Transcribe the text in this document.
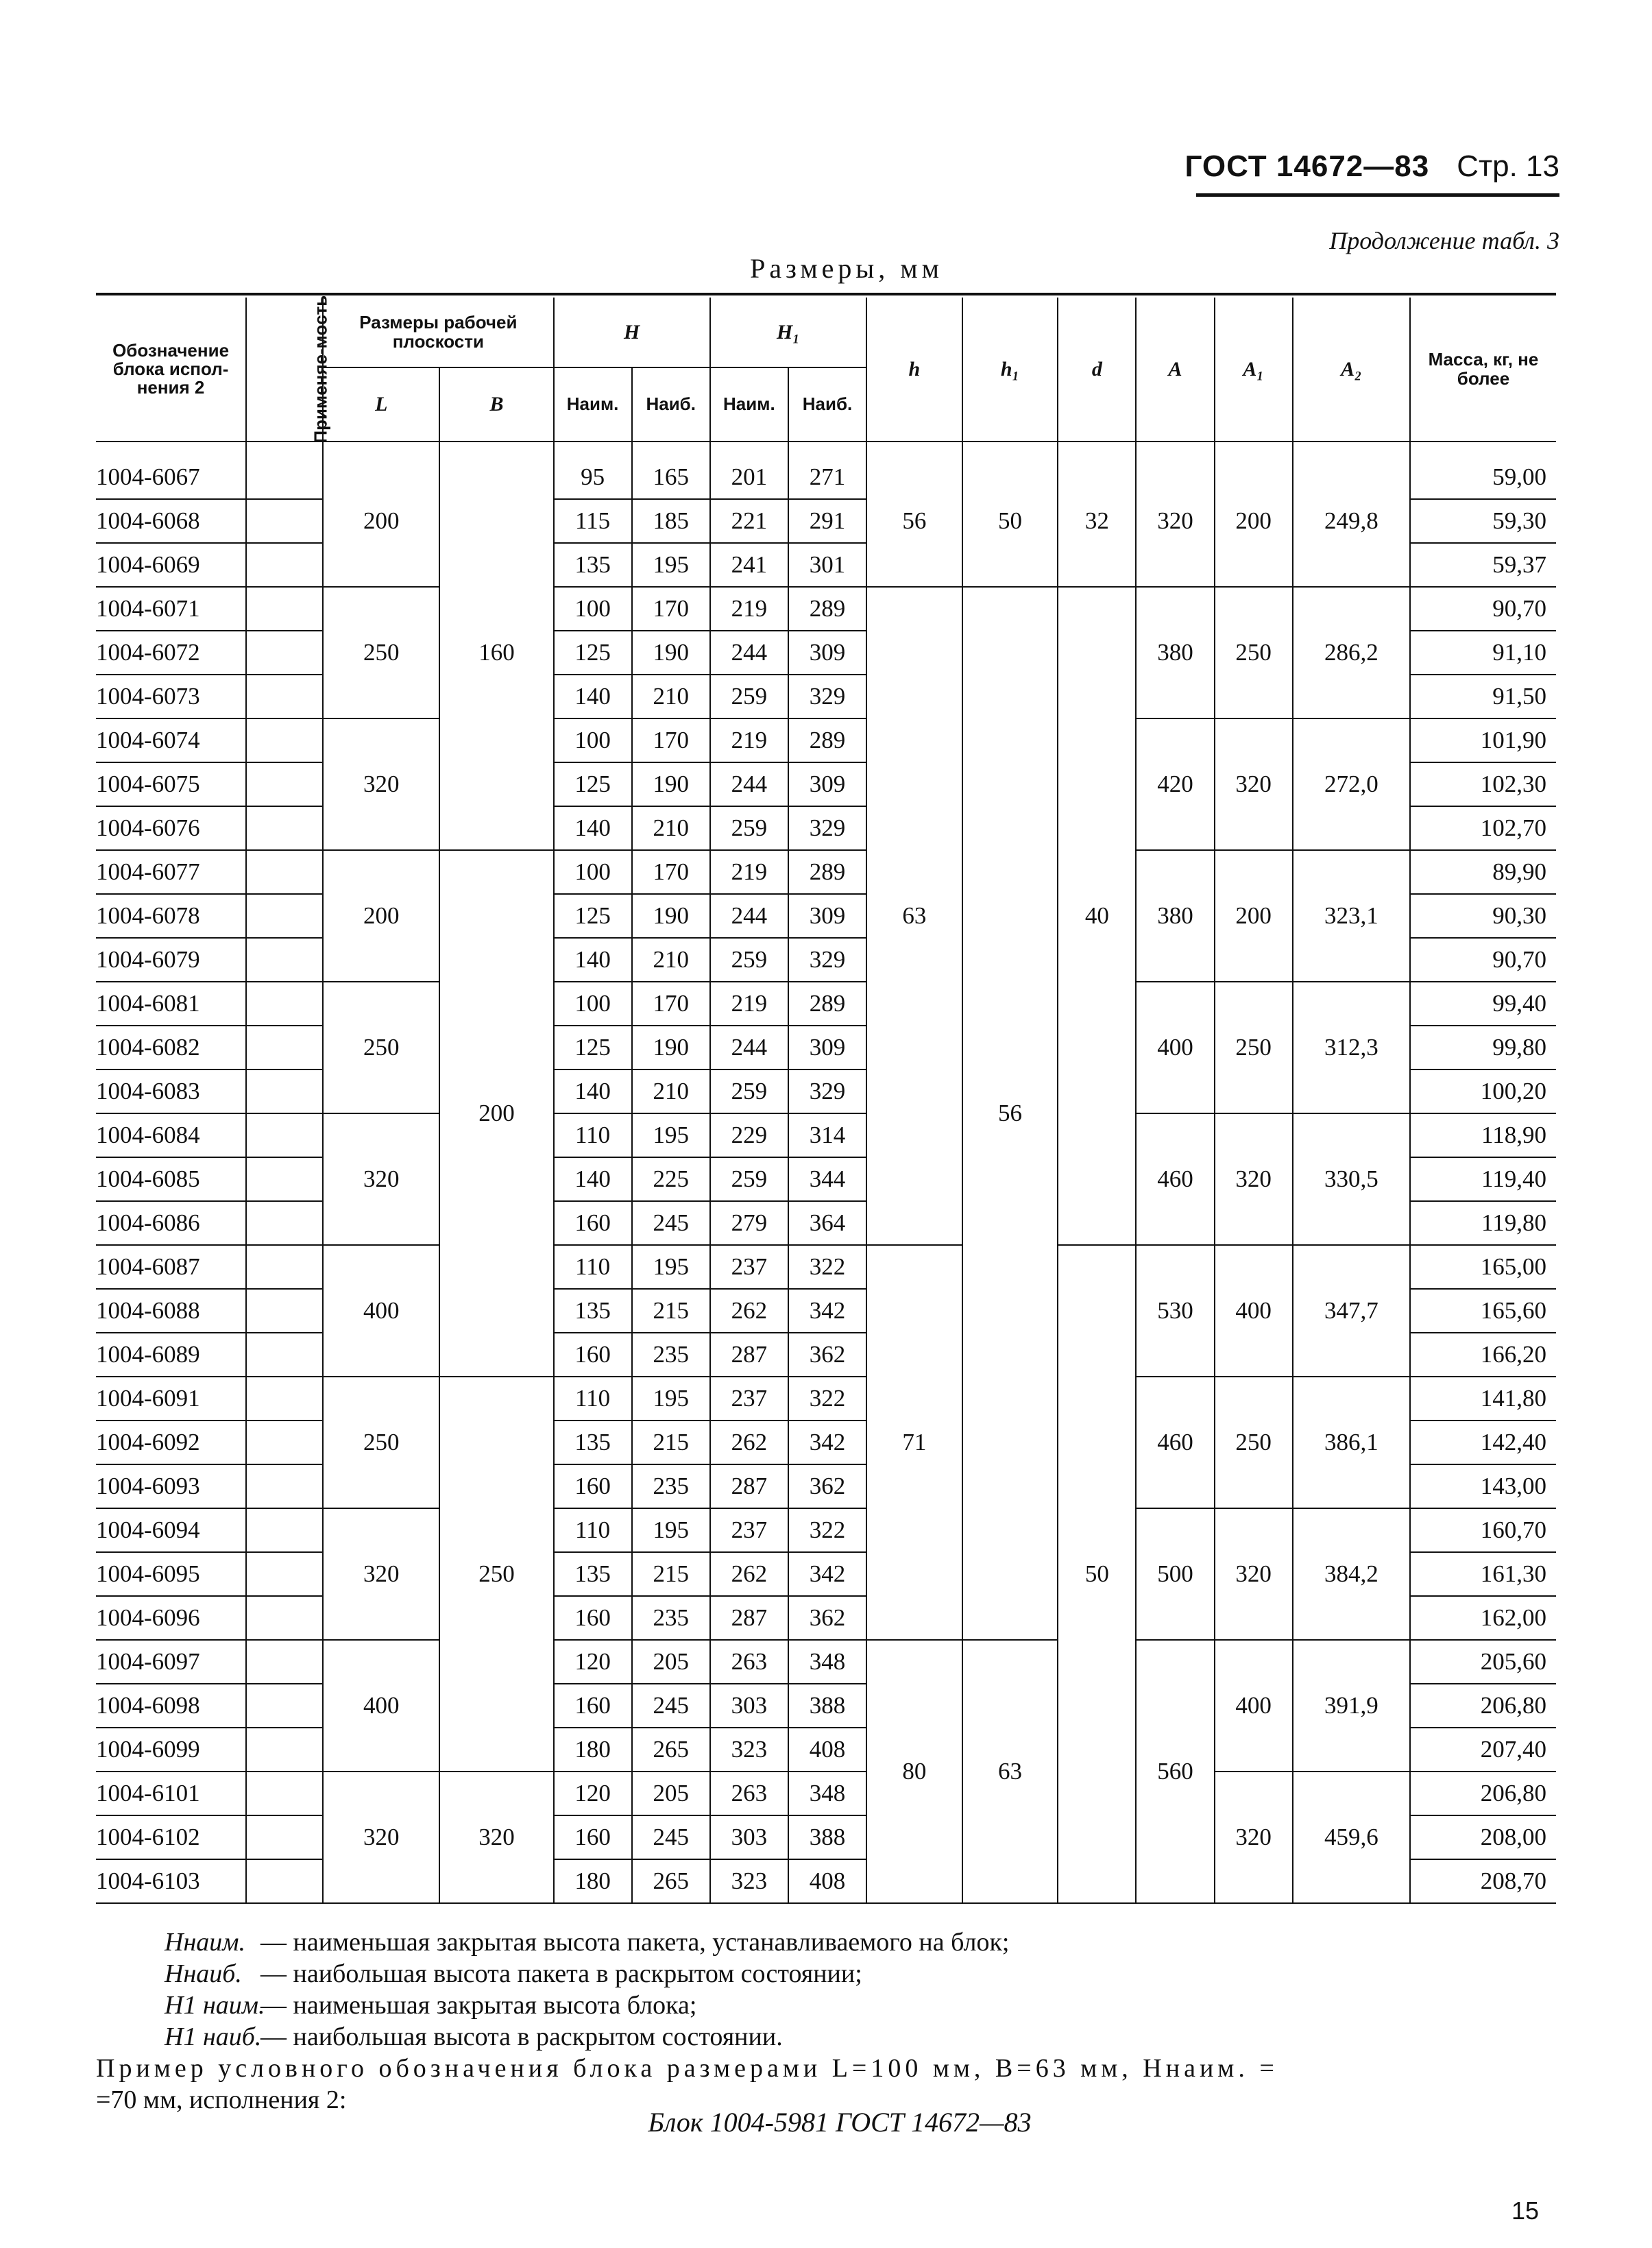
ГОСТ 14672—83 Стр. 13
Продолжение табл. 3
Размеры, мм
Обозначение блока испол-нения 2	Применяе-мость	Размеры рабочей плоскости		H		H₁		h	h₁	d	A	A₁	A₂	Масса, кг, не более
		L	B	Наим.	Наиб.	Наим.	Наиб.							

1004-6067		200	160	95	165	201	271	56	50	32	320	200	249,8	59,00
1004-6068				115	185	221	291							59,30
1004-6069				135	195	241	301							59,37
1004-6071		250		100	170	219	289	63	56	40	380	250	286,2	90,70
1004-6072				125	190	244	309							91,10
1004-6073				140	210	259	329							91,50
1004-6074		320		100	170	219	289				420	320	272,0	101,90
1004-6075				125	190	244	309							102,30
1004-6076				140	210	259	329							102,70
1004-6077		200	200	100	170	219	289				380	200	323,1	89,90
1004-6078				125	190	244	309							90,30
1004-6079				140	210	259	329							90,70
1004-6081		250		100	170	219	289				400	250	312,3	99,40
1004-6082				125	190	244	309							99,80
1004-6083				140	210	259	329							100,20
1004-6084		320		110	195	229	314				460	320	330,5	118,90
1004-6085				140	225	259	344							119,40
1004-6086				160	245	279	364							119,80
1004-6087		400		110	195	237	322	71		50	530	400	347,7	165,00
1004-6088				135	215	262	342							165,60
1004-6089				160	235	287	362							166,20
1004-6091		250	250	110	195	237	322				460	250	386,1	141,80
1004-6092				135	215	262	342							142,40
1004-6093				160	235	287	362							143,00
1004-6094		320		110	195	237	322				500	320	384,2	160,70
1004-6095				135	215	262	342							161,30
1004-6096				160	235	287	362							162,00
1004-6097		400		120	205	263	348	80	63		560	400	391,9	205,60
1004-6098				160	245	303	388							206,80
1004-6099				180	265	323	408							207,40
1004-6101		320	320	120	205	263	348					320	459,6	206,80
1004-6102				160	245	303	388							208,00
1004-6103				180	265	323	408							208,70
Hнаим. — наименьшая закрытая высота пакета, устанавливаемого на блок;
Hнаиб. — наибольшая высота пакета в раскрытом состоянии;
H1 наим.— наименьшая закрытая высота блока;
H1 наиб.— наибольшая высота в раскрытом состоянии.
Пример условного обозначения блока размерами L=100 мм, B=63 мм, Hнаим. =
=70 мм, исполнения 2:
Блок 1004-5981 ГОСТ 14672—83
15
